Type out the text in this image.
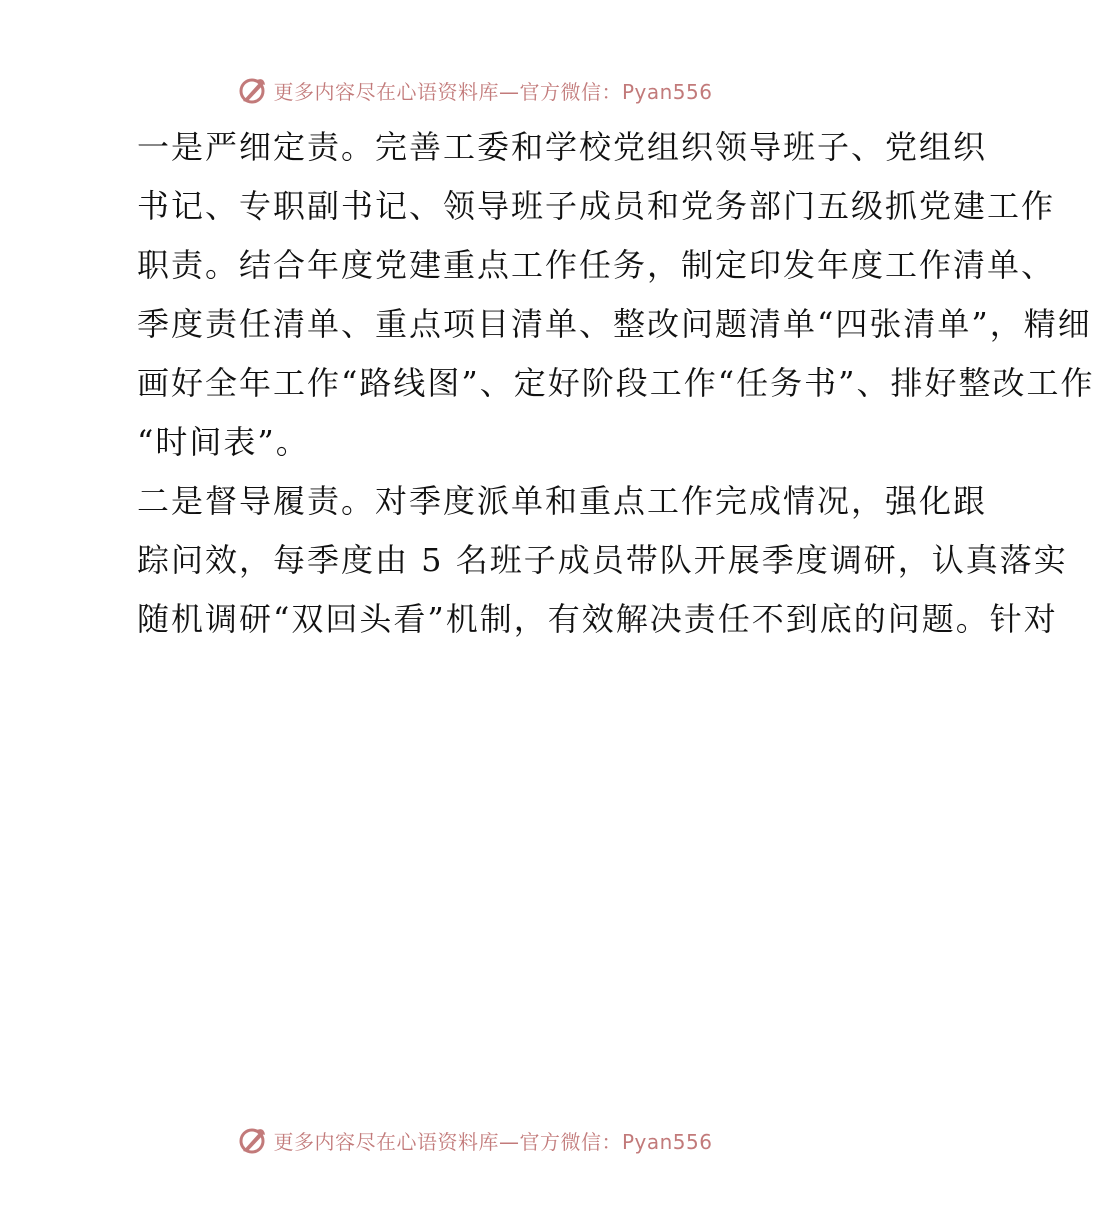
更多内容尽在心语资料库—官方微信：Pyan556

一是严细定责。完善工委和学校党组织领导班子、党组织

书记、专职副书记、领导班子成员和党务部门五级抓党建工作

职责。结合年度党建重点工作任务，制定印发年度工作清单、

季度责任清单、重点项目清单、整改问题清单“四张清单”，精细

画好全年工作“路线图”、定好阶段工作“任务书”、排好整改工作

“时间表”。

二是督导履责。对季度派单和重点工作完成情况，强化跟

踪问效，每季度由 5 名班子成员带队开展季度调研，认真落实

随机调研“双回头看”机制，有效解决责任不到底的问题。针对

更多内容尽在心语资料库—官方微信：Pyan556
